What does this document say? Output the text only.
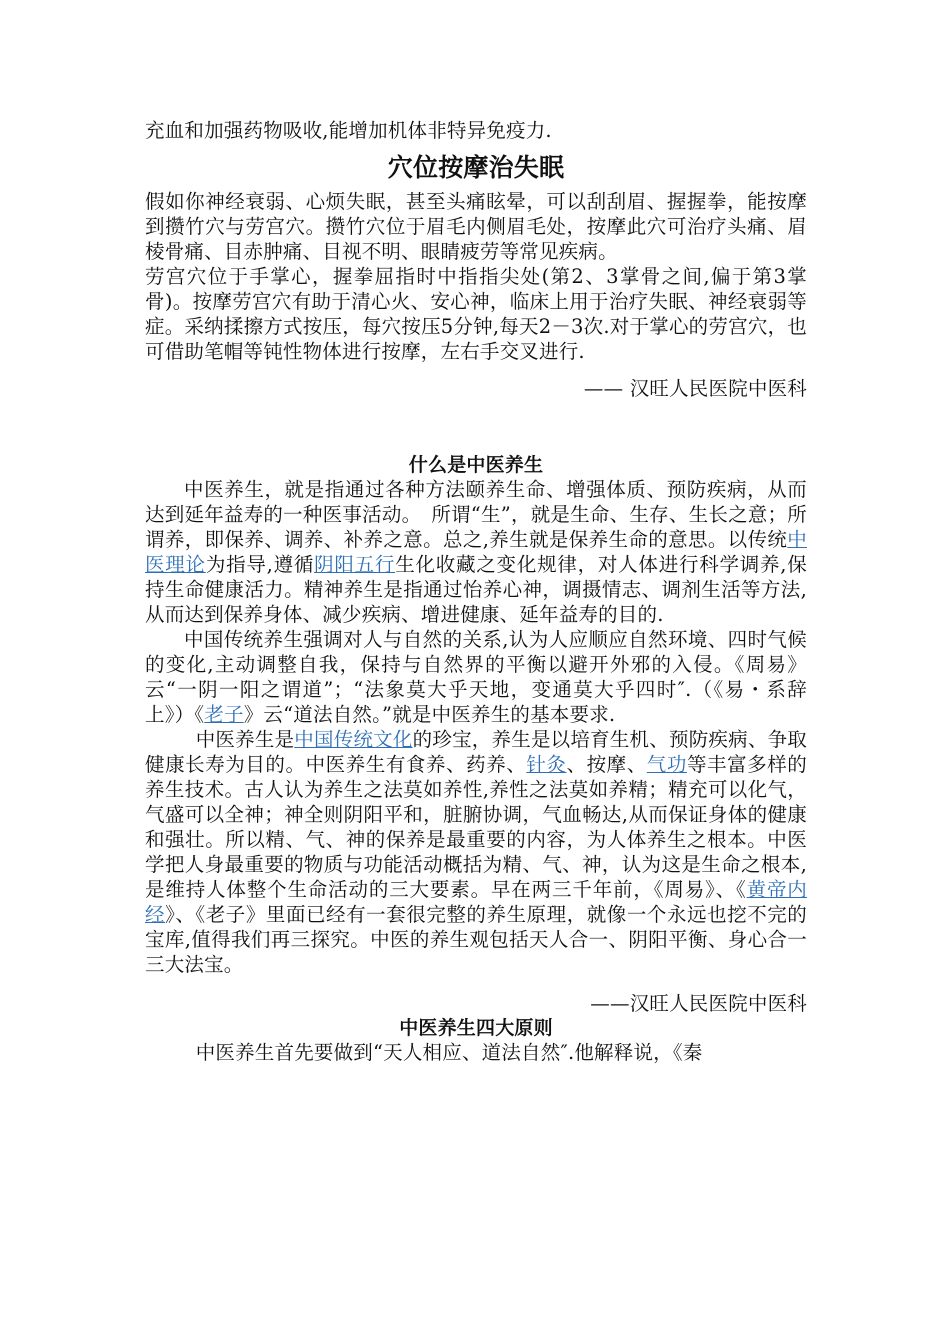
充血和加强药物吸收,能增加机体非特异免疫力.

穴位按摩治失眠

假如你神经衰弱、心烦失眠，甚至头痛眩晕，可以刮刮眉、握握拳，能按摩到攒竹穴与劳宫穴。攒竹穴位于眉毛内侧眉毛处，按摩此穴可治疗头痛、眉棱骨痛、目赤肿痛、目视不明、眼睛疲劳等常见疾病。

劳宫穴位于手掌心，握拳屈指时中指指尖处(第2、3掌骨之间,偏于第3掌骨)。按摩劳宫穴有助于清心火、安心神，临床上用于治疗失眠、神经衰弱等症。采纳揉擦方式按压，每穴按压5分钟,每天2－3次.对于掌心的劳宫穴，也可借助笔帽等钝性物体进行按摩，左右手交叉进行.

—— 汉旺人民医院中医科

什么是中医养生

中医养生，就是指通过各种方法颐养生命、增强体质、预防疾病，从而达到延年益寿的一种医事活动。　所谓“生”，就是生命、生存、生长之意；所谓养，即保养、调养、补养之意。总之,养生就是保养生命的意思。以传统中医理论为指导,遵循阴阳五行生化收藏之变化规律，对人体进行科学调养,保持生命健康活力。精神养生是指通过怡养心神，调摄情志、调剂生活等方法,从而达到保养身体、减少疾病、增进健康、延年益寿的目的.

中国传统养生强调对人与自然的关系,认为人应顺应自然环境、四时气候的变化,主动调整自我，保持与自然界的平衡以避开外邪的入侵。《周易》云“一阴一阳之谓道”；“法象莫大乎天地，变通莫大乎四时″.（《易・系辞上》）《老子》云“道法自然。”就是中医养生的基本要求.

中医养生是中国传统文化的珍宝，养生是以培育生机、预防疾病、争取健康长寿为目的。中医养生有食养、药养、针灸、按摩、气功等丰富多样的养生技术。古人认为养生之法莫如养性,养性之法莫如养精；精充可以化气，气盛可以全神；神全则阴阳平和，脏腑协调，气血畅达,从而保证身体的健康和强壮。所以精、气、神的保养是最重要的内容，为人体养生之根本。中医学把人身最重要的物质与功能活动概括为精、气、神，认为这是生命之根本,是维持人体整个生命活动的三大要素。早在两三千年前，《周易》、《黄帝内经》、《老子》里面已经有一套很完整的养生原理，就像一个永远也挖不完的宝库,值得我们再三探究。中医的养生观包括天人合一、阴阳平衡、身心合一三大法宝。

——汉旺人民医院中医科

中医养生四大原则

中医养生首先要做到“天人相应、道法自然″.他解释说，《秦
